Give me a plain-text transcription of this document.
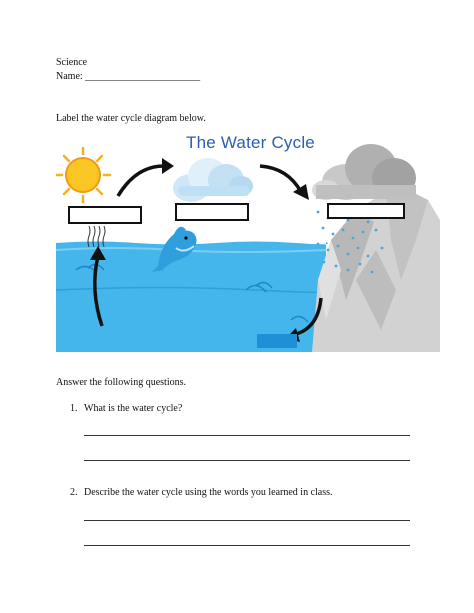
Science
Name: _______________________
Label the water cycle diagram below.
The Water Cycle
Answer the following questions.
1. What is the water cycle?
2. Describe the water cycle using the words you learned in class.
